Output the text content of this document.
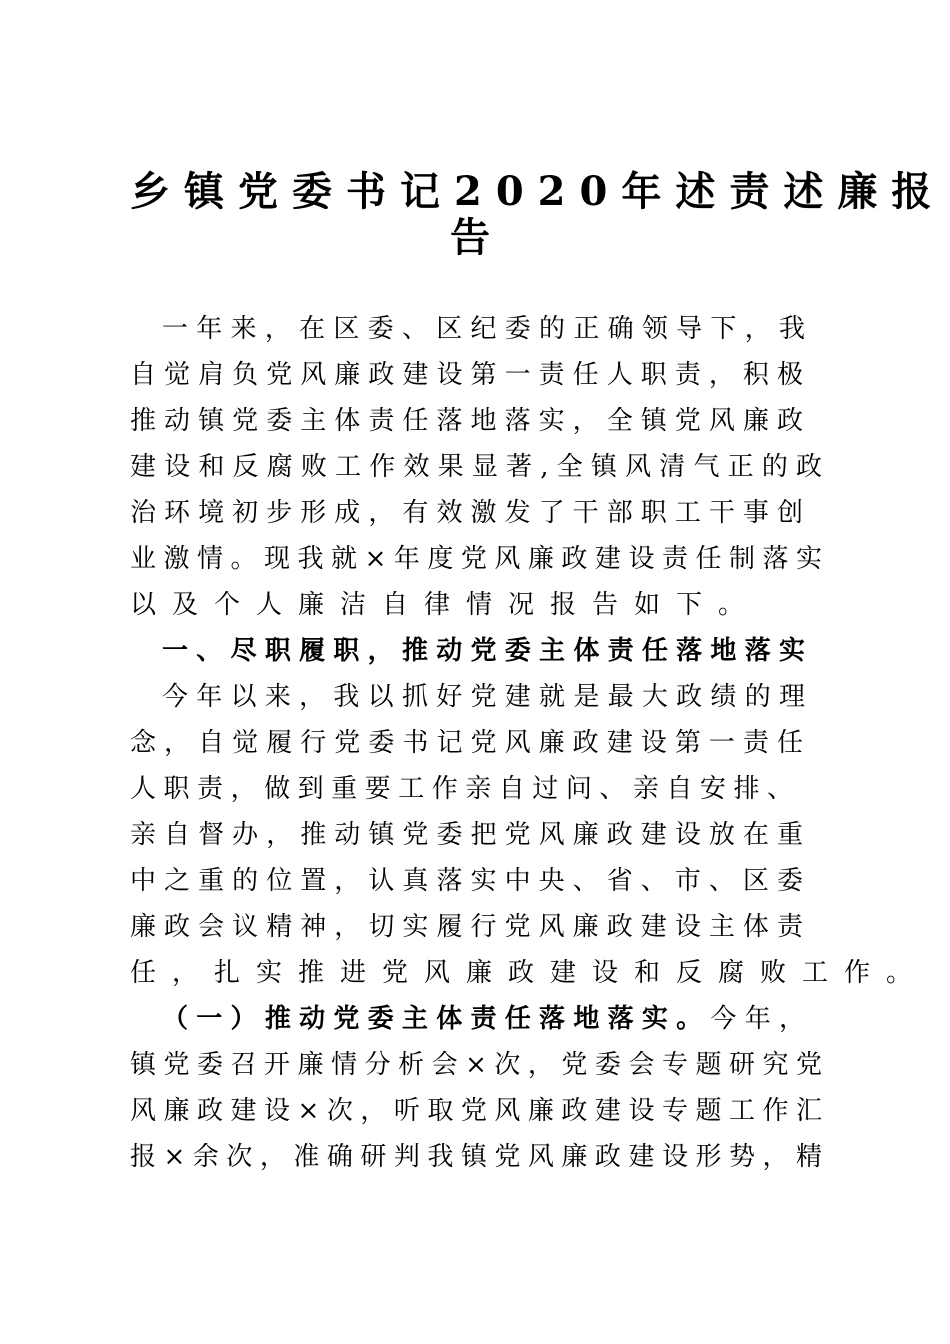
乡镇党委书记2020年述责述廉报
告
一年来，在区委、区纪委的正确领导下，我
自觉肩负党风廉政建设第一责任人职责，积极
推动镇党委主体责任落地落实，全镇党风廉政
建设和反腐败工作效果显著,全镇风清气正的政
治环境初步形成，有效激发了干部职工干事创
业激情。现我就×年度党风廉政建设责任制落实
以及个人廉洁自律情况报告如下。
一、尽职履职，推动党委主体责任落地落实
今年以来，我以抓好党建就是最大政绩的理
念，自觉履行党委书记党风廉政建设第一责任
人职责，做到重要工作亲自过问、亲自安排、
亲自督办，推动镇党委把党风廉政建设放在重
中之重的位置，认真落实中央、省、市、区委
廉政会议精神，切实履行党风廉政建设主体责
任，扎实推进党风廉政建设和反腐败工作。
（一）推动党委主体责任落地落实。今年，
镇党委召开廉情分析会×次，党委会专题研究党
风廉政建设×次，听取党风廉政建设专题工作汇
报×余次，准确研判我镇党风廉政建设形势，精
